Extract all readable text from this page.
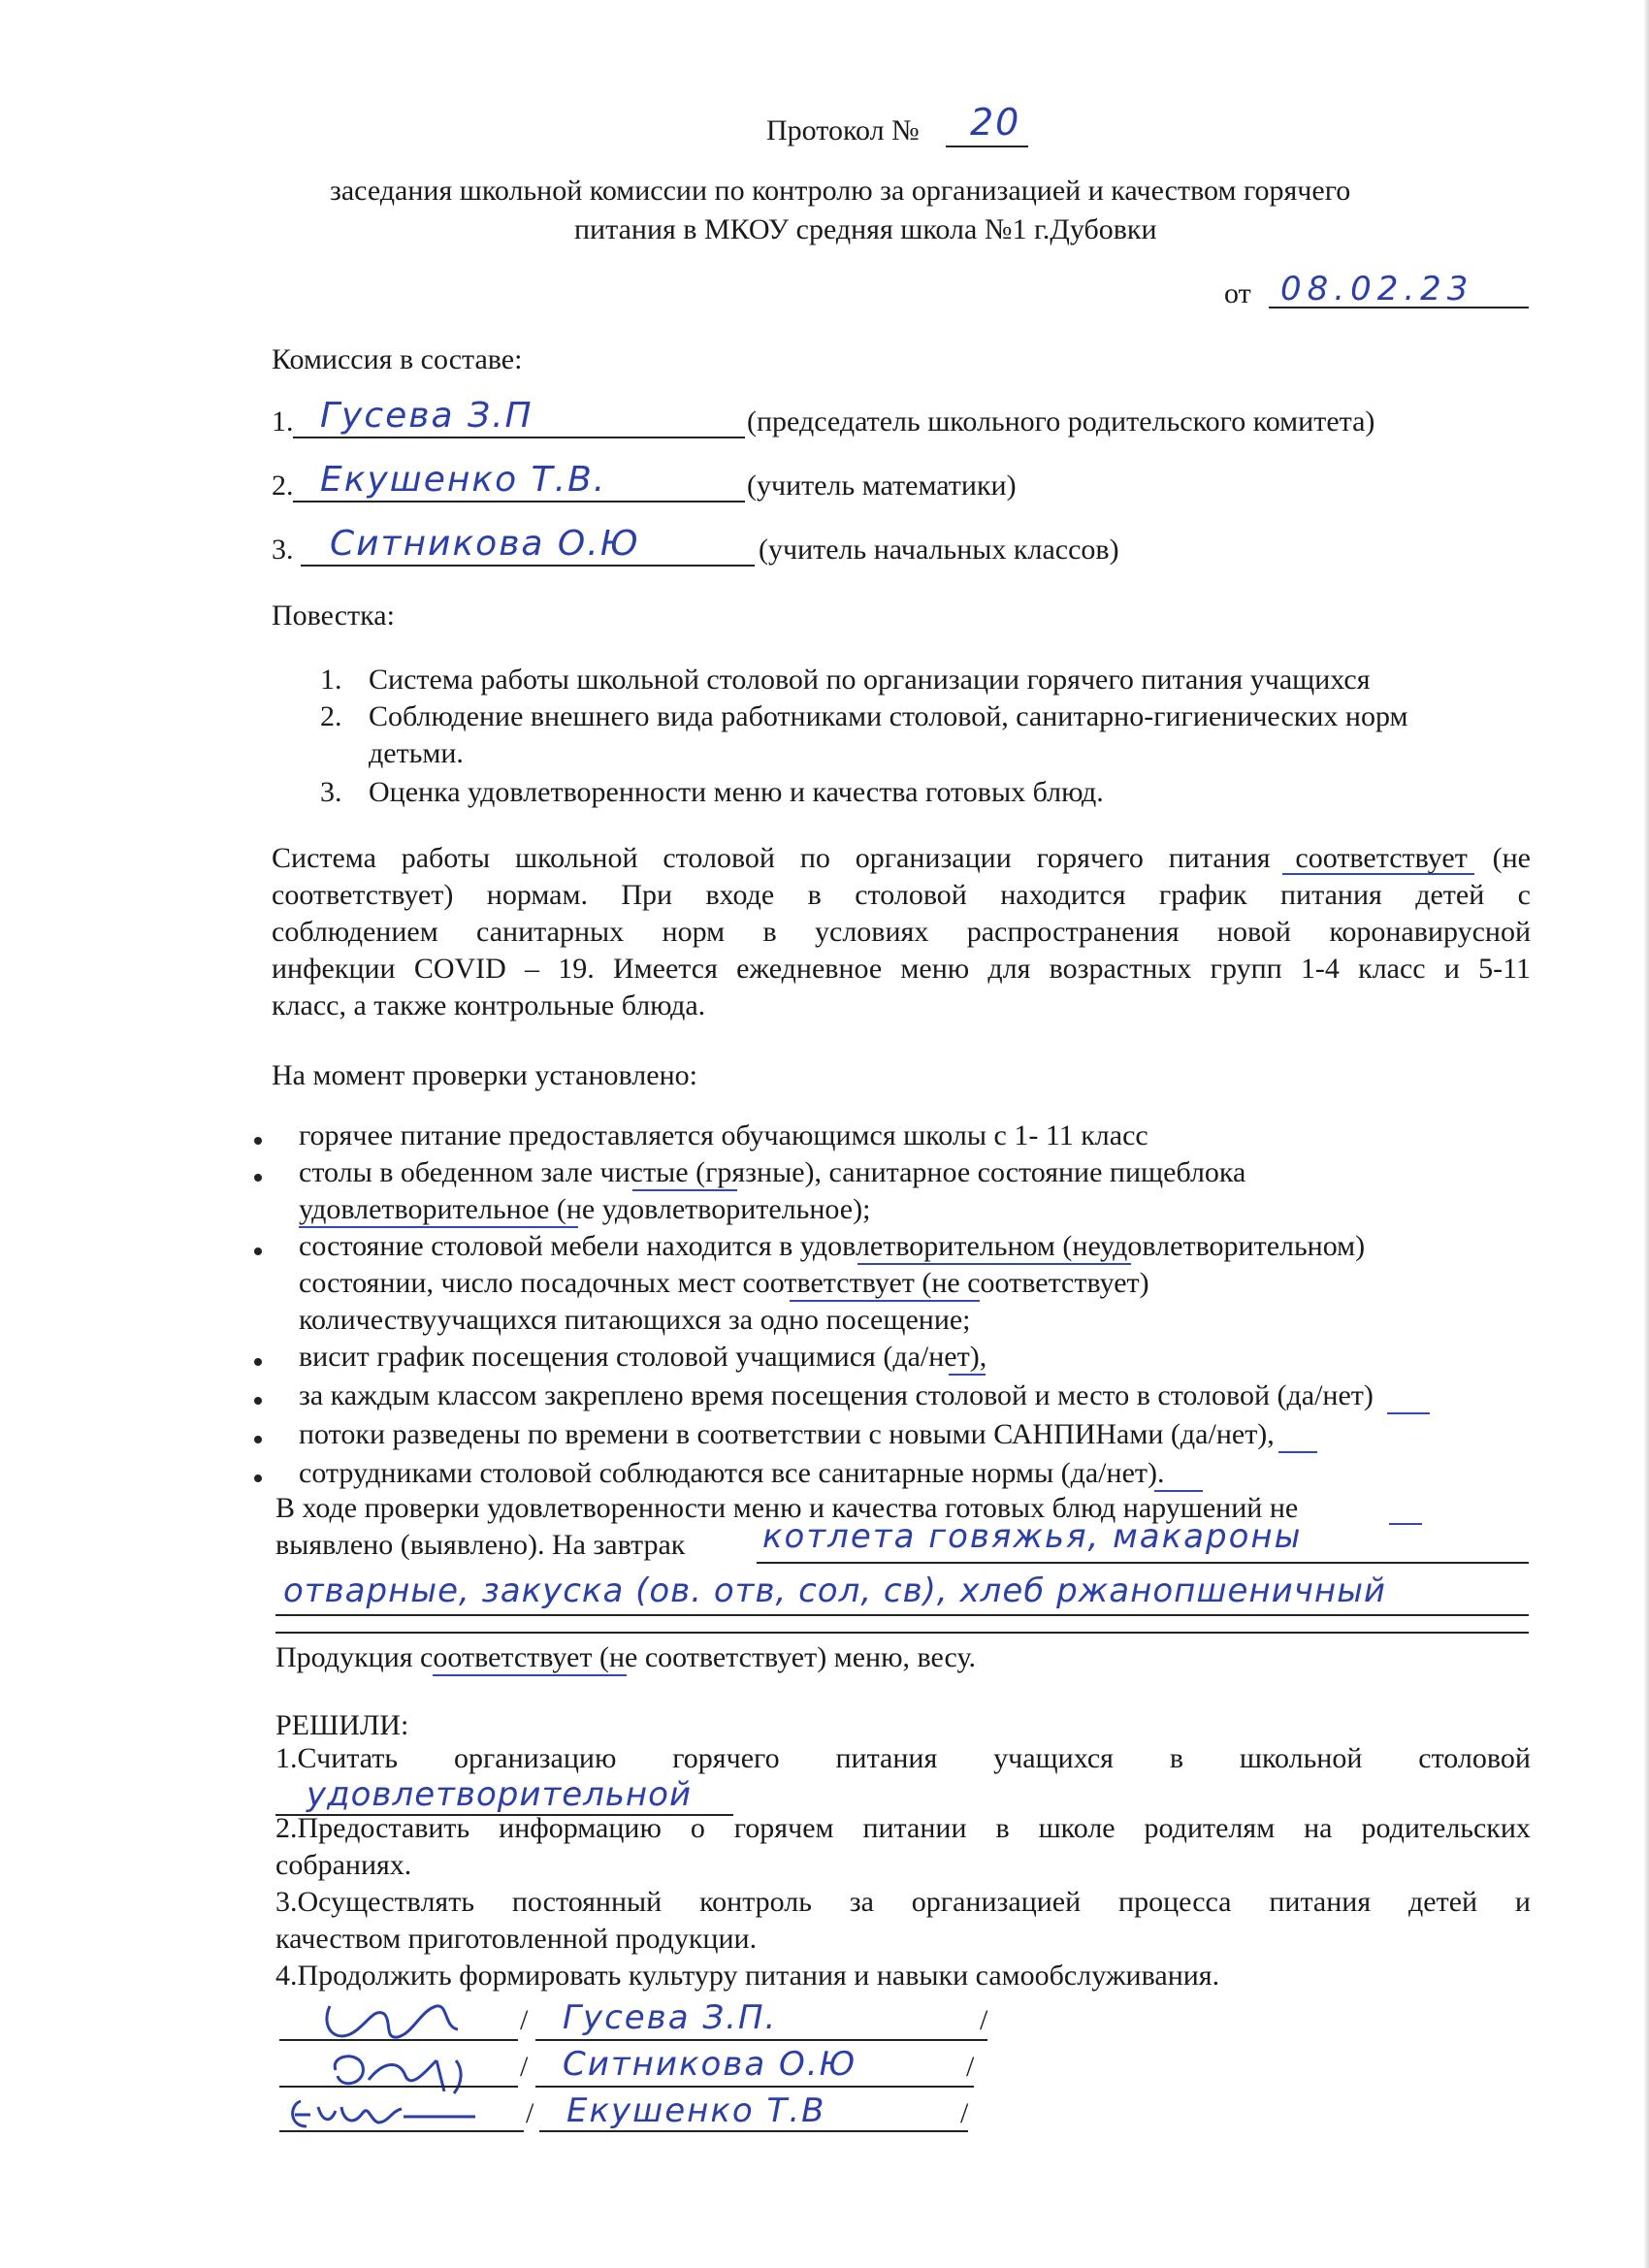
Протокол № 20
заседания школьной комиссии по контролю за организацией и качеством горячего
питания в МКОУ средняя школа №1 г.Дубовки
от 08.02.23
Комиссия в составе:
1. Гусева З.П	(председатель школьного родительского комитета)
2. Екушенко Т.В.	(учитель математики)
3. Ситникова О.Ю	(учитель начальных классов)
Повестка:
1. Система работы школьной столовой по организации горячего питания учащихся
2. Соблюдение внешнего вида работниками столовой, санитарно-гигиенических норм
детьми.
3. Оценка удовлетворенности меню и качества готовых блюд.
Система работы школьной столовой по организации горячего питания соответствует (не
соответствует) нормам. При входе в столовой находится график питания детей с
соблюдением санитарных норм в условиях распространения новой коронавирусной
инфекции COVID – 19. Имеется ежедневное меню для возрастных групп 1-4 класс и 5-11
класс, а также контрольные блюда.
На момент проверки установлено:
горячее питание предоставляется обучающимся школы с 1- 11 класс
столы в обеденном зале чистые (грязные), санитарное состояние пищеблока
удовлетворительное (не удовлетворительное);
состояние столовой мебели находится в удовлетворительном (неудовлетворительном)
состоянии, число посадочных мест соответствует (не соответствует)
количествуучащихся питающихся за одно посещение;
висит график посещения столовой учащимися (да/нет),
за каждым классом закреплено время посещения столовой и место в столовой (да/нет)
потоки разведены по времени в соответствии с новыми САНПИНами (да/нет),
сотрудниками столовой соблюдаются все санитарные нормы (да/нет).
В ходе проверки удовлетворенности меню и качества готовых блюд нарушений не
выявлено (выявлено). На завтрак котлета говяжья, макароны
отварные, закуска (ов. отв, сол, св), хлеб ржанопшеничный
Продукция соответствует (не соответствует) меню, весу.
РЕШИЛИ:
1.Считать организацию горячего питания учащихся в школьной столовой
удовлетворительной
2.Предоставить информацию о горячем питании в школе родителям на родительских
собраниях.
3.Осуществлять постоянный контроль за организацией процесса питания детей и
качеством приготовленной продукции.
4.Продолжить формировать культуру питания и навыки самообслуживания.
/ Гусева З.П.	/
/ Ситникова О.Ю	/
/ Екушенко Т.В	/
